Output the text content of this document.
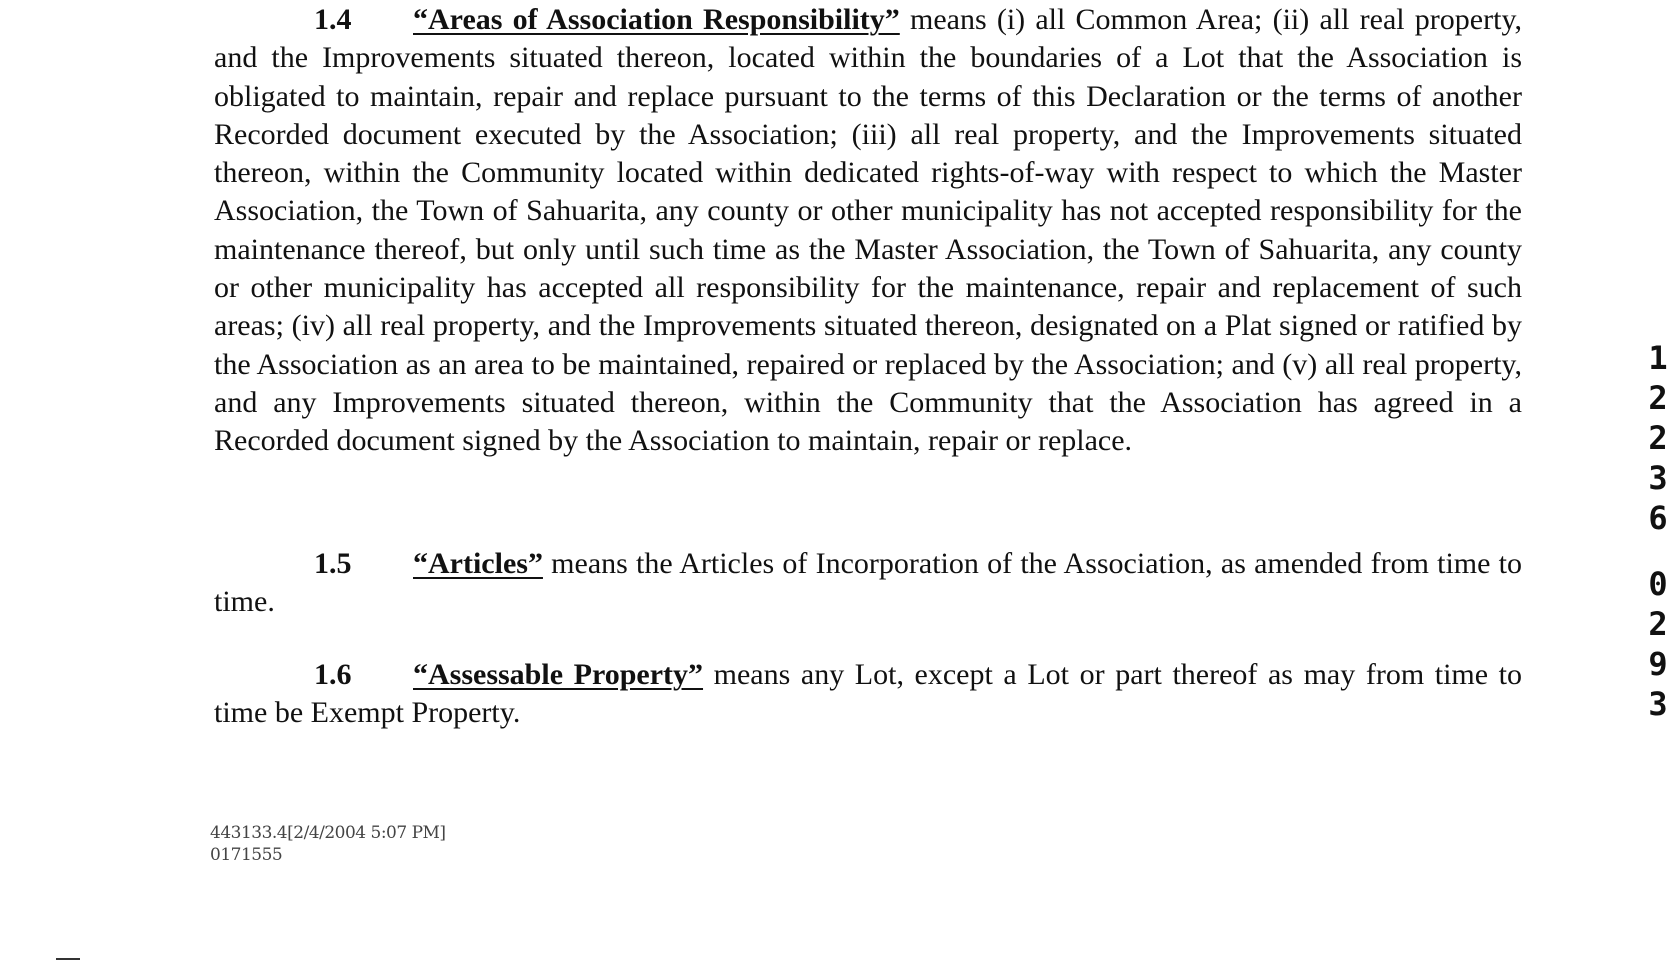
1.4 “Areas of Association Responsibility” means (i) all Common Area; (ii) all real property, and the Improvements situated thereon, located within the boundaries of a Lot that the Association is obligated to maintain, repair and replace pursuant to the terms of this Declaration or the terms of another Recorded document executed by the Association; (iii) all real property, and the Improvements situated thereon, within the Community located within dedicated rights-of-way with respect to which the Master Association, the Town of Sahuarita, any county or other municipality has not accepted responsibility for the maintenance thereof, but only until such time as the Master Association, the Town of Sahuarita, any county or other municipality has accepted all responsibility for the maintenance, repair and replacement of such areas; (iv) all real property, and the Improvements situated thereon, designated on a Plat signed or ratified by the Association as an area to be maintained, repaired or replaced by the Association; and (v) all real property, and any Improvements situated thereon, within the Community that the Association has agreed in a Recorded document signed by the Association to maintain, repair or replace.

1.5 “Articles” means the Articles of Incorporation of the Association, as amended from time to time.

1.6 “Assessable Property” means any Lot, except a Lot or part thereof as may from time to time be Exempt Property.

443133.4[2/4/2004 5:07 PM]
0171555
1
2
2
3
6
0
2
9
3
